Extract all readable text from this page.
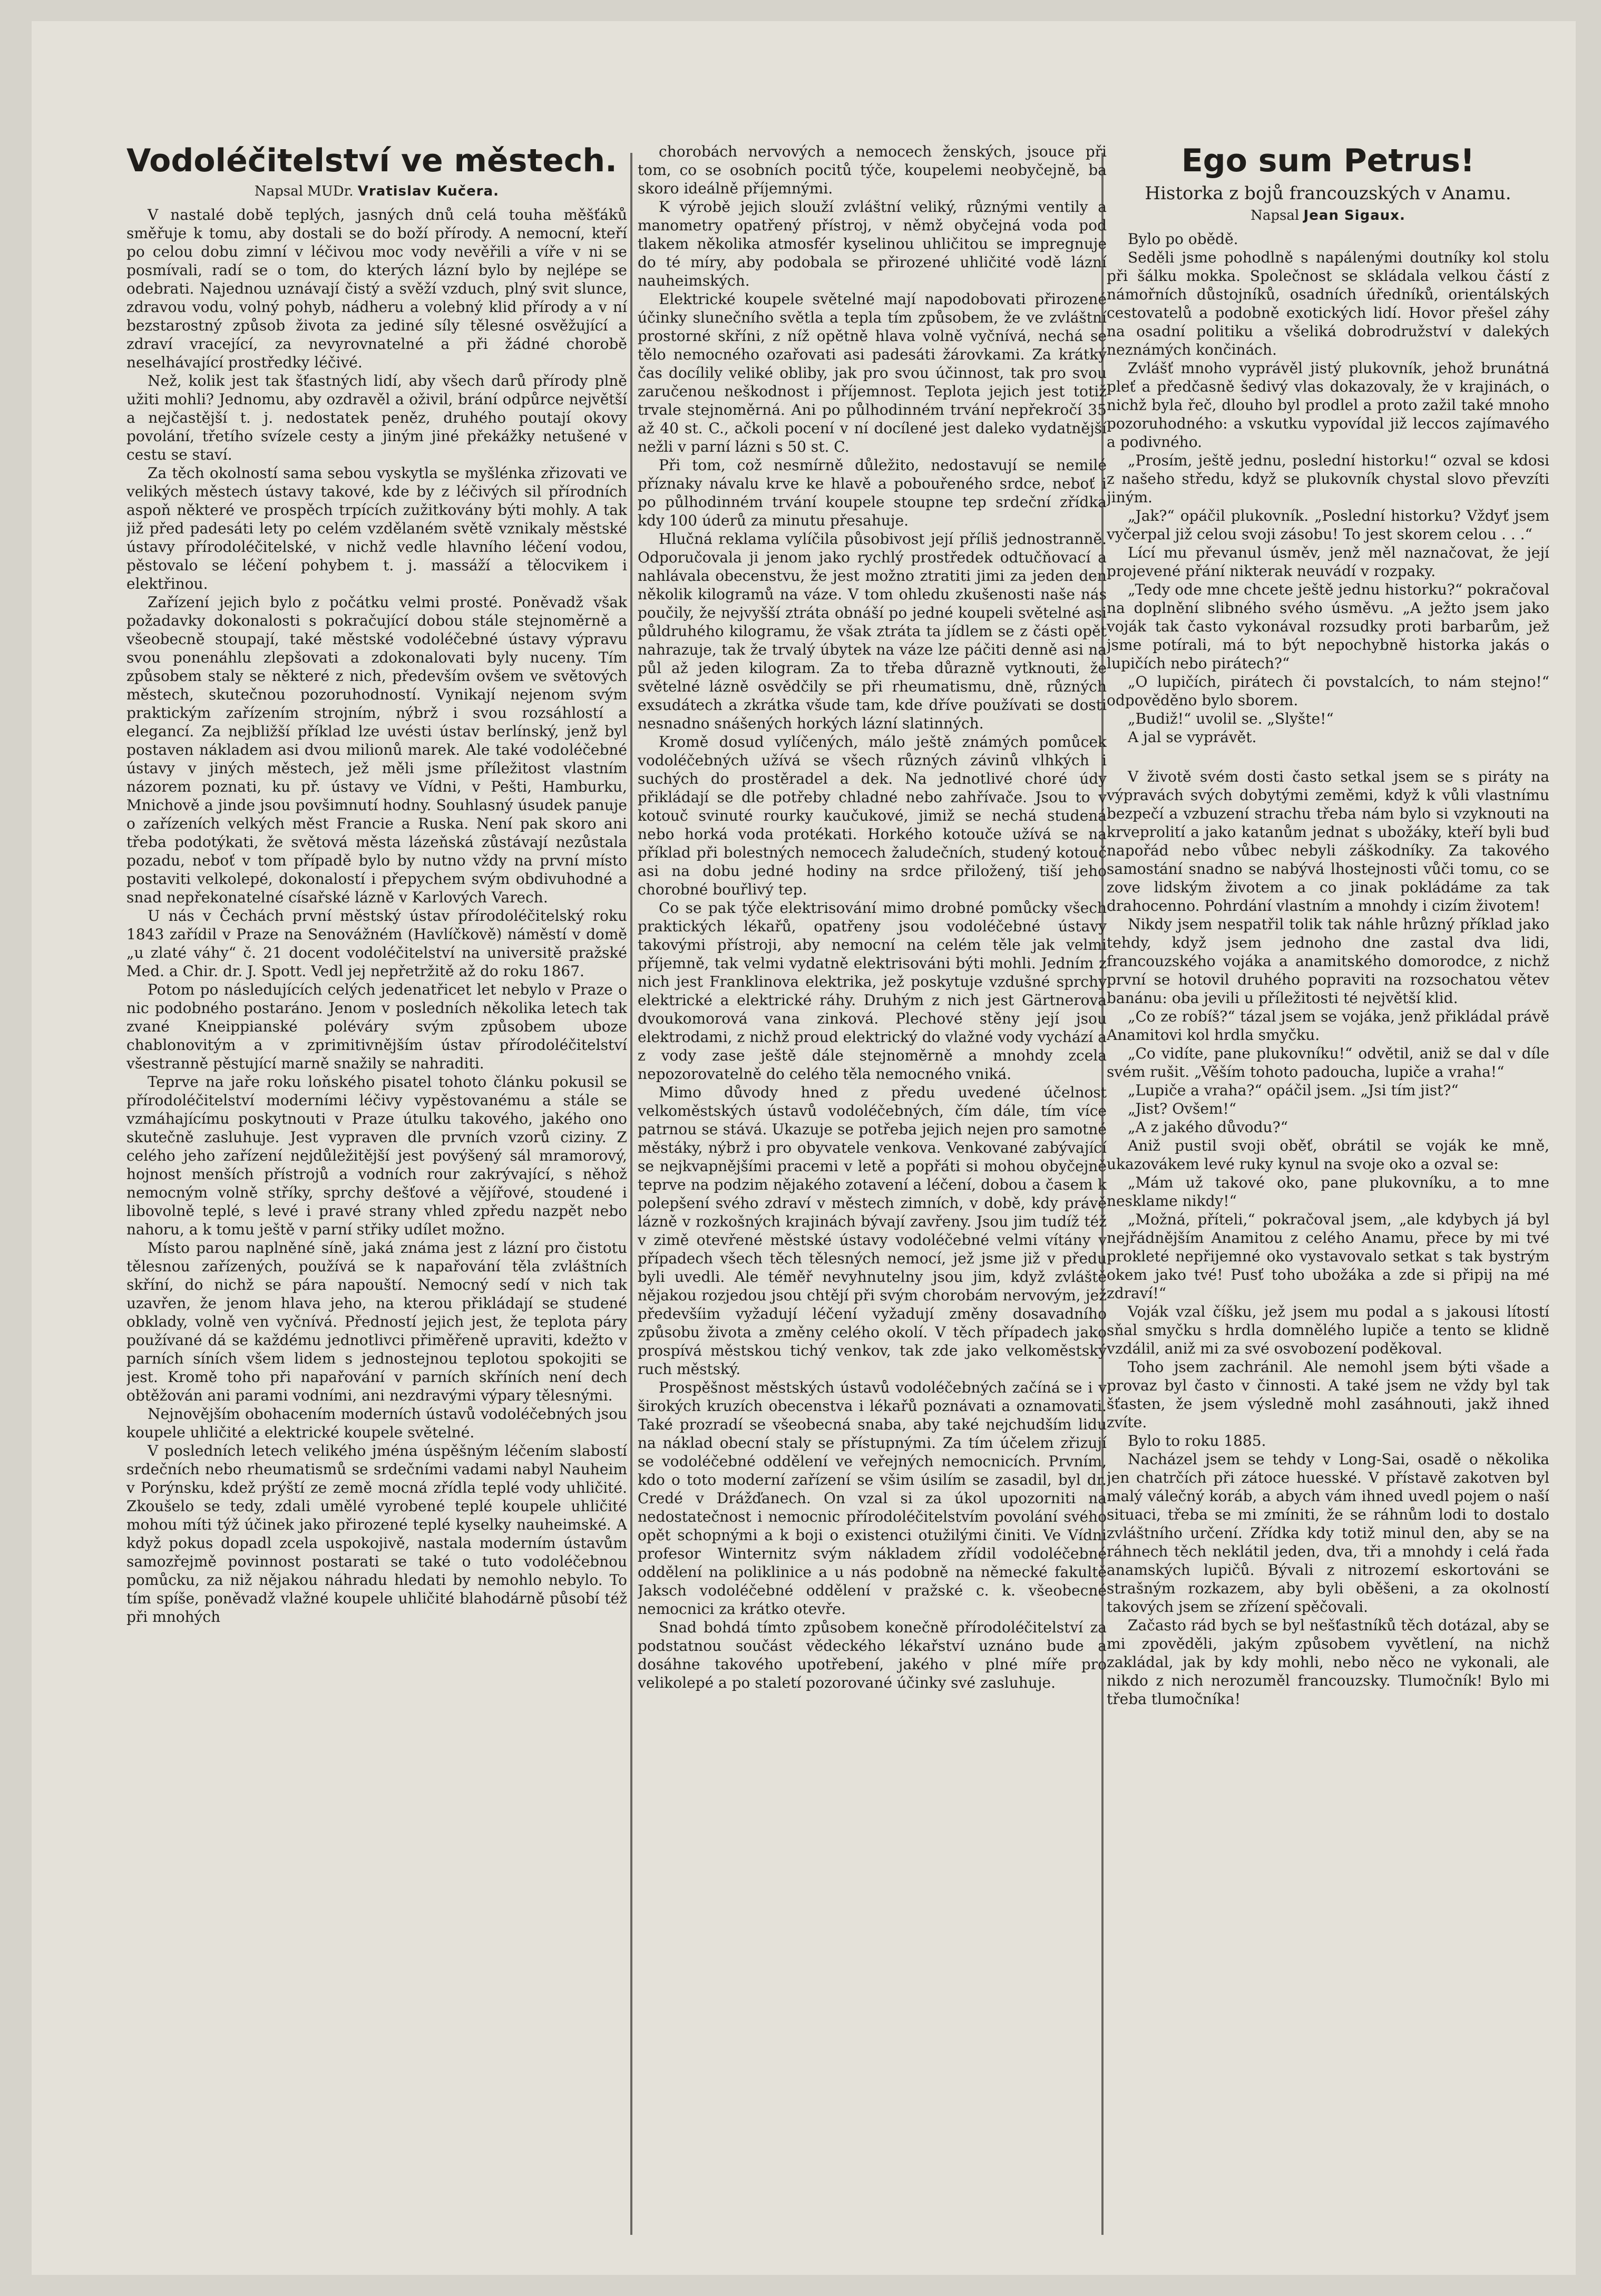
Vodoléčitelství ve městech.
Napsal MUDr. Vratislav Kučera.

V nastalé době teplých, jasných dnů celá touha měšťáků směřuje k tomu, aby dostali se do boží přírody. A nemocní, kteří po celou dobu zimní v léčivou moc vody nevěřili a víře v ni se posmívali, radí se o tom, do kterých lázní bylo by nejlépe se odebrati. Najednou uznávají čistý a svěží vzduch, plný svit slunce, zdravou vodu, volný pohyb, nádheru a volebný klid přírody a v ní bezstarostný způsob života za jediné síly tělesné osvěžující a zdraví vracející, za nevyrovnatelné a při žádné chorobě neselhávající prostředky léčivé.

Než, kolik jest tak šťastných lidí, aby všech darů přírody plně užiti mohli? Jednomu, aby ozdravěl a oživil, brání odpůrce největší a nejčastější t. j. nedostatek peněz, druhého poutají okovy povolání, třetího svízele cesty a jiným jiné překážky netušené v cestu se staví.

Za těch okolností sama sebou vyskytla se myšlénka zřizovati ve velikých městech ústavy takové, kde by z léčivých sil přírodních aspoň některé ve prospěch trpících zužitkovány býti mohly. A tak již před padesáti lety po celém vzdělaném světě vznikaly městské ústavy přírodoléčitelské, v nichž vedle hlavního léčení vodou, pěstovalo se léčení pohybem t. j. massáží a tělocvikem i elektřinou.

Zařízení jejich bylo z počátku velmi prosté. Poněvadž však požadavky dokonalosti s pokračující dobou stále stejnoměrně a všeobecně stoupají, také městské vodoléčebné ústavy výpravu svou ponenáhlu zlepšovati a zdokonalovati byly nuceny. Tím způsobem staly se některé z nich, především ovšem ve světových městech, skutečnou pozoruhodností. Vynikají nejenom svým praktickým zařízením strojním, nýbrž i svou rozsáhlostí a elegancí. Za nejbližší příklad lze uvésti ústav berlínský, jenž byl postaven nákladem asi dvou milionů marek. Ale také vodoléčebné ústavy v jiných městech, jež měli jsme příležitost vlastním názorem poznati, ku př. ústavy ve Vídni, v Pešti, Hamburku, Mnichově a jinde jsou povšimnutí hodny. Souhlasný úsudek panuje o zařízeních velkých měst Francie a Ruska. Není pak skoro ani třeba podotýkati, že světová města lázeňská zůstávají nezůstala pozadu, neboť v tom případě bylo by nutno vždy na první místo postaviti velkolepé, dokonalostí i přepychem svým obdivuhodné a snad nepřekonatelné císařské lázně v Karlových Varech.

U nás v Čechách první městský ústav přírodoléčitelský roku 1843 zařídil v Praze na Senovážném (Havlíčkově) náměstí v domě „u zlaté váhy“ č. 21 docent vodoléčitelství na universitě pražské Med. a Chir. dr. J. Spott. Vedl jej nepřetržitě až do roku 1867.

Potom po následujících celých jedenatřicet let nebylo v Praze o nic podobného postaráno. Jenom v posledních několika letech tak zvané Kneippianské poléváry svým způsobem uboze chablonovitým a v zprimitivnějším ústav přírodoléčitelství všestranně pěstující marně snažily se nahraditi.

Teprve na jaře roku loňského pisatel tohoto článku pokusil se přírodoléčitelství moderními léčivy vypěstovanému a stále se vzmáhajícímu poskytnouti v Praze útulku takového, jakého ono skutečně zasluhuje. Jest vypraven dle prvních vzorů ciziny. Z celého jeho zařízení nejdůležitější jest povýšený sál mramorový, hojnost menších přístrojů a vodních rour zakrývající, s něhož nemocným volně stříky, sprchy dešťové a vějířové, stoudené i libovolně teplé, s levé i pravé strany vhled zpředu nazpět nebo nahoru, a k tomu ještě v parní střiky udílet možno.

Místo parou naplněné síně, jaká známa jest z lázní pro čistotu tělesnou zařízených, používá se k napařování těla zvláštních skříní, do nichž se pára napouští. Nemocný sedí v nich tak uzavřen, že jenom hlava jeho, na kterou přikládají se studené obklady, volně ven vyčnívá. Předností jejich jest, že teplota páry používané dá se každému jednotlivci přiměřeně upraviti, kdežto v parních síních všem lidem s jednostejnou teplotou spokojiti se jest. Kromě toho při napařování v parních skříních není dech obtěžován ani parami vodními, ani nezdravými výpary tělesnými.

Nejnovějším obohacením moderních ústavů vodoléčebných jsou koupele uhličité a elektrické koupele světelné.

V posledních letech velikého jména úspěšným léčením slabostí srdečních nebo rheumatismů se srdečními vadami nabyl Nauheim v Porýnsku, kdež prýští ze země mocná zřídla teplé vody uhličité. Zkoušelo se tedy, zdali umělé vyrobené teplé koupele uhličité mohou míti týž účinek jako přirozené teplé kyselky nauheimské. A když pokus dopadl zcela uspokojivě, nastala moderním ústavům samozřejmě povinnost postarati se také o tuto vodoléčebnou pomůcku, za niž nějakou náhradu hledati by nemohlo nebylo. To tím spíše, poněvadž vlažné koupele uhličité blahodárně působí též při mnohých

chorobách nervových a nemocech ženských, jsouce při tom, co se osobních pocitů týče, koupelemi neobyčejně, ba skoro ideálně příjemnými.

K výrobě jejich slouží zvláštní veliký, různými ventily a manometry opatřený přístroj, v němž obyčejná voda pod tlakem několika atmosfér kyselinou uhličitou se impregnuje do té míry, aby podobala se přirozené uhličité vodě lázní nauheimských.

Elektrické koupele světelné mají napodobovati přirozené účinky slunečního světla a tepla tím způsobem, že ve zvláštní prostorné skříni, z níž opětně hlava volně vyčnívá, nechá se tělo nemocného ozařovati asi padesáti žárovkami. Za krátký čas docílily veliké obliby, jak pro svou účinnost, tak pro svou zaručenou neškodnost i příjemnost. Teplota jejich jest totiž trvale stejnoměrná. Ani po půlhodinném trvání nepřekročí 35 až 40 st. C., ačkoli pocení v ní docílené jest daleko vydatnější nežli v parní lázni s 50 st. C.

Při tom, což nesmírně důležito, nedostavují se nemilé příznaky návalu krve ke hlavě a pobouřeného srdce, neboť i po půlhodinném trvání koupele stoupne tep srdeční zřídka kdy 100 úderů za minutu přesahuje.

Hlučná reklama vylíčila působivost její příliš jednostranně. Odporučovala ji jenom jako rychlý prostředek odtučňovací a nahlávala obecenstvu, že jest možno ztratiti jimi za jeden den několik kilogramů na váze. V tom ohledu zkušenosti naše nás poučily, že nejvyšší ztráta obnáší po jedné koupeli světelné asi půldruhého kilogramu, že však ztráta ta jídlem se z části opět nahrazuje, tak že trvalý úbytek na váze lze páčiti denně asi na půl až jeden kilogram. Za to třeba důrazně vytknouti, že světelné lázně osvědčily se při rheumatismu, dně, různých exsudátech a zkrátka všude tam, kde dříve používati se dosti nesnadno snášených horkých lázní slatinných.

Kromě dosud vylíčených, málo ještě známých pomůcek vodoléčebných užívá se všech různých závinů vlhkých i suchých do prostěradel a dek. Na jednotlivé choré údy přikládají se dle potřeby chladné nebo zahřívače. Jsou to v kotouč svinuté rourky kaučukové, jimiž se nechá studená nebo horká voda protékati. Horkého kotouče užívá se na příklad při bolestných nemocech žaludečních, studený kotouč asi na dobu jedné hodiny na srdce přiložený, tiší jeho chorobné bouřlivý tep.

Co se pak týče elektrisování mimo drobné pomůcky všech praktických lékařů, opatřeny jsou vodoléčebné ústavy takovými přístroji, aby nemocní na celém těle jak velmi příjemně, tak velmi vydatně elektrisováni býti mohli. Jedním z nich jest Franklinova elektrika, jež poskytuje vzdušné sprchy elektrické a elektrické ráhy. Druhým z nich jest Gärtnerova dvoukomorová vana zinková. Plechové stěny její jsou elektrodami, z nichž proud elektrický do vlažné vody vychází a z vody zase ještě dále stejnoměrně a mnohdy zcela nepozorovatelně do celého těla nemocného vniká.

Mimo důvody hned z předu uvedené účelnost velkoměstských ústavů vodoléčebných, čím dále, tím více patrnou se stává. Ukazuje se potřeba jejich nejen pro samotné městáky, nýbrž i pro obyvatele venkova. Venkované zabývající se nejkvapnějšími pracemi v letě a popřáti si mohou obyčejně teprve na podzim nějakého zotavení a léčení, dobou a časem k polepšení svého zdraví v městech zimních, v době, kdy právě lázně v rozkošných krajinách bývají zavřeny. Jsou jim tudíž též v zimě otevřené městské ústavy vodoléčebné velmi vítány v případech všech těch tělesných nemocí, jež jsme již v předu byli uvedli. Ale téměř nevyhnutelny jsou jim, když zvláště nějakou rozjedou jsou chtějí při svým chorobám nervovým, jež předevšíim vyžadují léčení vyžadují změny dosavadního způsobu života a změny celého okolí. V těch případech jako prospívá městskou tichý venkov, tak zde jako velkoměstský ruch městský.

Prospěšnost městských ústavů vodoléčebných začíná se i v širokých kruzích obecenstva i lékařů poznávati a oznamovati. Také prozradí se všeobecná snaba, aby také nejchudším lidu na náklad obecní staly se přístupnými. Za tím účelem zřizují se vodoléčebné oddělení ve veřejných nemocnicích. Prvním, kdo o toto moderní zařízení se všim úsilím se zasadil, byl dr. Credé v Drážďanech. On vzal si za úkol upozorniti na nedostatečnost i nemocnic přírodoléčitelstvím povolání svého opět schopnými a k boji o existenci otužilými činiti. Ve Vídni profesor Winternitz svým nákladem zřídil vodoléčebné oddělení na poliklinice a u nás podobně na německé fakultě Jaksch vodoléčebné oddělení v pražské c. k. všeobecné nemocnici za krátko otevře.

Snad bohdá tímto způsobem konečně přírodoléčitelství za podstatnou součást vědeckého lékařství uznáno bude a dosáhne takového upotřebení, jakého v plné míře pro velikolepé a po staletí pozorované účinky své zasluhuje.

Ego sum Petrus!
Historka z bojů francouzských v Anamu.
Napsal Jean Sigaux.

Bylo po obědě.

Seděli jsme pohodlně s napálenými doutníky kol stolu při šálku mokka. Společnost se skládala velkou částí z námořních důstojníků, osadních úředníků, orientálských cestovatelů a podobně exotických lidí. Hovor přešel záhy na osadní politiku a všeliká dobrodružství v dalekých neznámých končinách.

Zvlášť mnoho vyprávěl jistý plukovník, jehož brunátná pleť a předčasně šedivý vlas dokazovaly, že v krajinách, o nichž byla řeč, dlouho byl prodlel a proto zažil také mnoho pozoruhodného: a vskutku vypovídal již leccos zajímavého a podivného.

„Prosím, ještě jednu, poslední historku!“ ozval se kdosi z našeho středu, když se plukovník chystal slovo převzíti jiným.

„Jak?“ opáčil plukovník. „Poslední historku? Vždyť jsem vyčerpal již celou svoji zásobu! To jest skorem celou . . .“

Lící mu převanul úsměv, jenž měl naznačovat, že její projevené přání nikterak neuvádí v rozpaky.

„Tedy ode mne chcete ještě jednu historku?“ pokračoval na doplnění slibného svého úsměvu. „A ježto jsem jako voják tak často vykonával rozsudky proti barbarům, jež jsme potírali, má to být nepochybně historka jakás o lupičích nebo pirátech?“

„O lupičích, pirátech či povstalcích, to nám stejno!“ odpověděno bylo sborem.

„Budiž!“ uvolil se. „Slyšte!“

A jal se vyprávět.

V životě svém dosti často setkal jsem se s piráty na výpravách svých dobytými zeměmi, když k vůli vlastnímu bezpečí a vzbuzení strachu třeba nám bylo si vzyknouti na krveprolití a jako katanům jednat s ubožáky, kteří byli buď napořád nebo vůbec nebyli záškodníky. Za takového samostání snadno se nabývá lhostejnosti vůči tomu, co se zove lidským životem a co jinak pokládáme za tak drahocenno. Pohrdání vlastním a mnohdy i cizím životem!

Nikdy jsem nespatřil tolik tak náhle hrůzný příklad jako tehdy, když jsem jednoho dne zastal dva lidi, francouzského vojáka a anamitského domorodce, z nichž první se hotovil druhého popraviti na rozsochatou větev banánu: oba jevili u příležitosti té největší klid.

„Co ze robíš?“ tázal jsem se vojáka, jenž přikládal právě Anamitovi kol hrdla smyčku.

„Co vidíte, pane plukovníku!“ odvětil, aniž se dal v díle svém rušit. „Věším tohoto padoucha, lupiče a vraha!“

„Lupiče a vraha?“ opáčil jsem. „Jsi tím jist?“

„Jist? Ovšem!“

„A z jakého důvodu?“

Aniž pustil svoji oběť, obrátil se voják ke mně, ukazovákem levé ruky kynul na svoje oko a ozval se:

„Mám už takové oko, pane plukovníku, a to mne nesklame nikdy!“

„Možná, příteli,“ pokračoval jsem, „ale kdybych já byl nejřádnějším Anamitou z celého Anamu, přece by mi tvé prokleté nepřijemné oko vystavovalo setkat s tak bystrým okem jako tvé! Pusť toho ubožáka a zde si připij na mé zdraví!“

Voják vzal číšku, jež jsem mu podal a s jakousi lítostí sňal smyčku s hrdla domnělého lupiče a tento se klidně vzdálil, aniž mi za své osvobození poděkoval.

Toho jsem zachránil. Ale nemohl jsem býti všade a provaz byl často v činnosti. A také jsem ne vždy byl tak šťasten, že jsem výsledně mohl zasáhnouti, jakž ihned zvíte.

Bylo to roku 1885.

Nacházel jsem se tehdy v Long-Sai, osadě o několika jen chatrčích při zátoce huesské. V přístavě zakotven byl malý válečný koráb, a abych vám ihned uvedl pojem o naší situaci, třeba se mi zmíniti, že se ráhnům lodi to dostalo zvláštního určení. Zřídka kdy totiž minul den, aby se na ráhnech těch neklátil jeden, dva, tři a mnohdy i celá řada anamských lupičů. Bývali z nitrozemí eskortováni se strašným rozkazem, aby byli oběšeni, a za okolností takových jsem se zřízení spěčovali.

Začasto rád bych se byl nešťastníků těch dotázal, aby se mi zpověděli, jakým způsobem vyvětlení, na nichž zakládal, jak by kdy mohli, nebo něco ne vykonali, ale nikdo z nich nerozuměl francouzsky. Tlumočník! Bylo mi třeba tlumočníka!
